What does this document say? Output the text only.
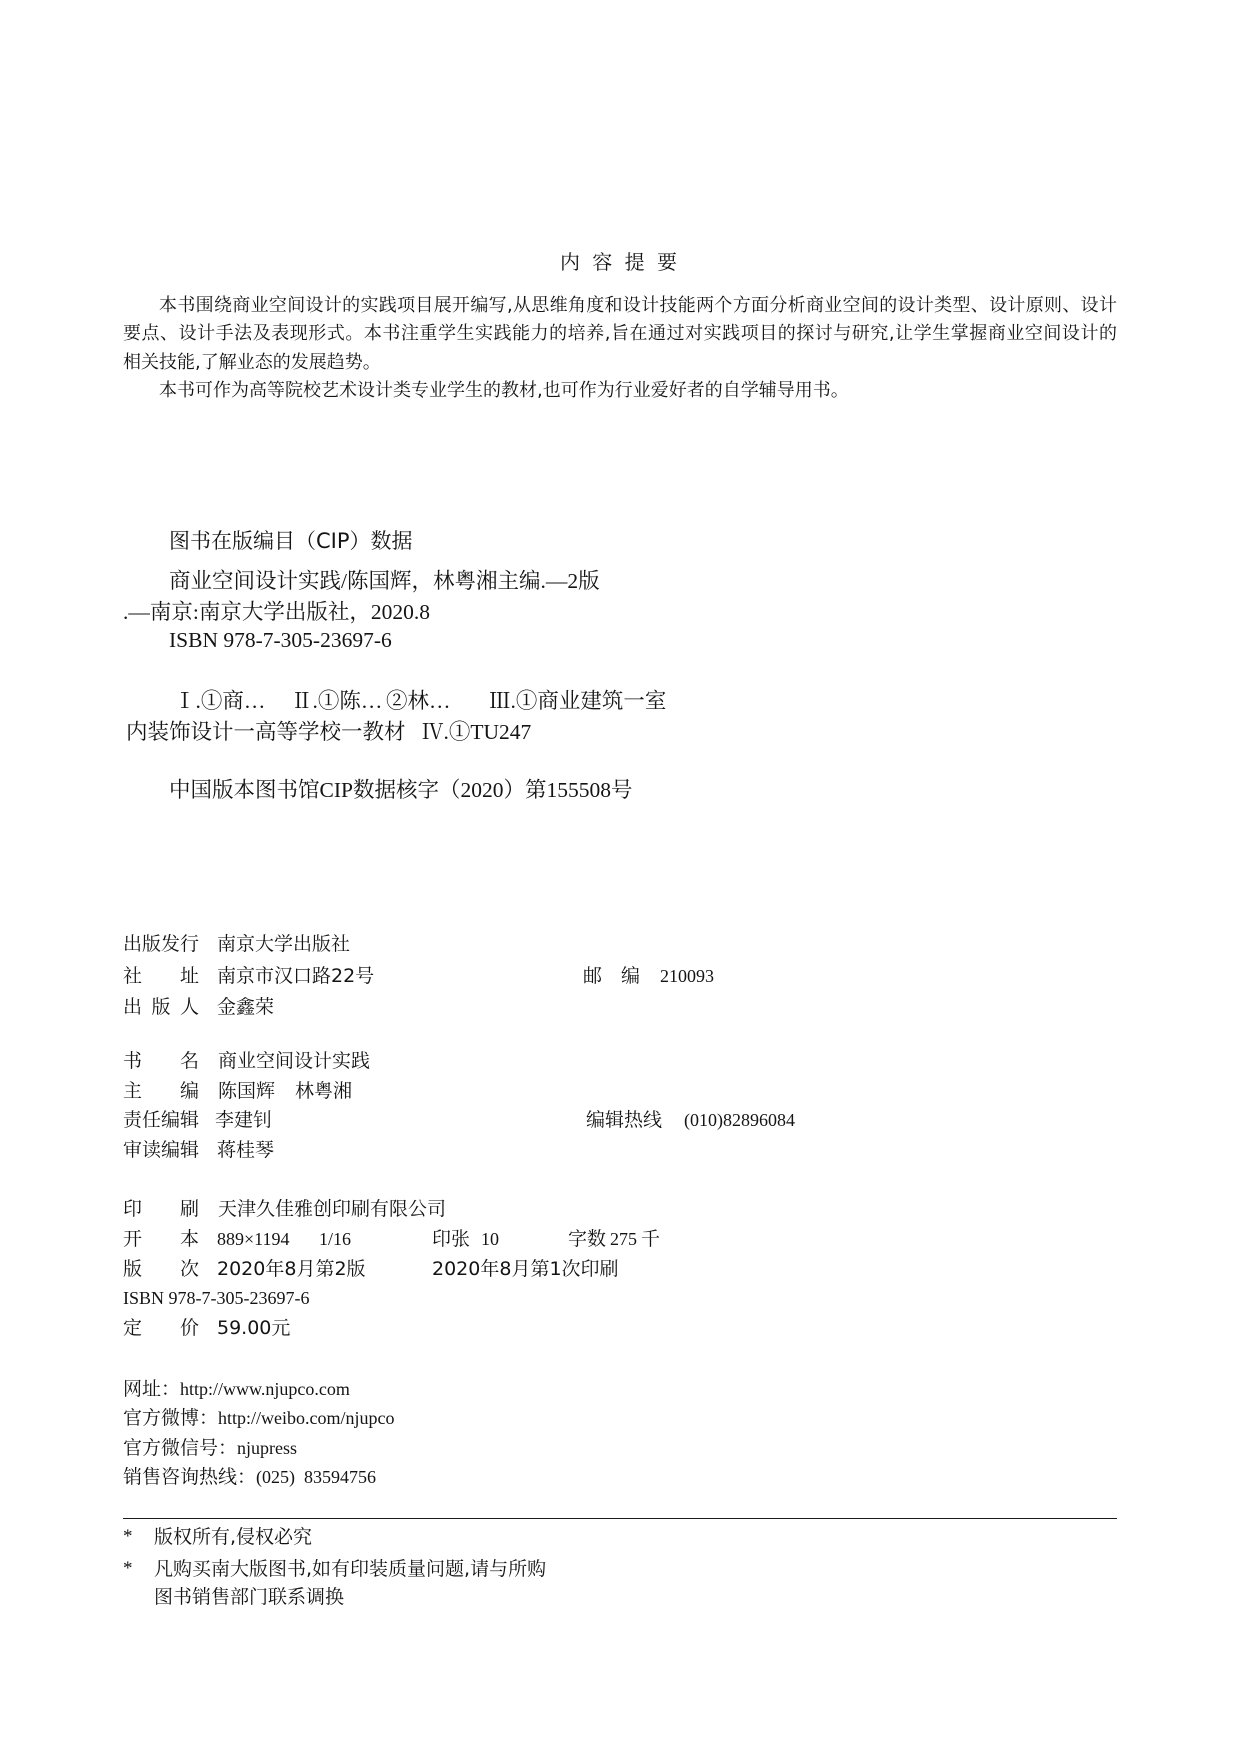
内 容 提 要
本书围绕商业空间设计的实践项目展开编写,从思维角度和设计技能两个方面分析商业空间的设计类型、设计原则、设计
要点、设计手法及表现形式。本书注重学生实践能力的培养,旨在通过对实践项目的探讨与研究,让学生掌握商业空间设计的
相关技能,了解业态的发展趋势。
本书可作为高等院校艺术设计类专业学生的教材,也可作为行业爱好者的自学辅导用书。
图书在版编目（CIP）数据
商业空间设计实践/陈国辉，林粤湘主编.—2版
.—南京:南京大学出版社，2020.8
ISBN 978-7-305-23697-6
Ⅰ.①商… Ⅱ.①陈… ②林… Ⅲ.①商业建筑一室
内装饰设计一高等学校一教材 Ⅳ.①TU247
中国版本图书馆CIP数据核字（2020）第155508号
出版发行 南京大学出版社
社　　址 南京市汉口路22号	邮　编 210093
出 版 人 金鑫荣
书　　名 商业空间设计实践
主　　编 陈国辉 林粤湘
责任编辑 李建钊	编辑热线 (010)82896084
审读编辑 蒋桂琴
印　　刷 天津久佳雅创印刷有限公司
开　　本 889×1194 1/16	印张 10	字数 275 千
版　　次 2020年8月第2版	2020年8月第1次印刷
ISBN 978-7-305-23697-6
定　　价 59.00元
网址：http://www.njupco.com
官方微博：http://weibo.com/njupco
官方微信号：njupress
销售咨询热线：(025)  83594756
* 版权所有,侵权必究
* 凡购买南大版图书,如有印装质量问题,请与所购
图书销售部门联系调换
